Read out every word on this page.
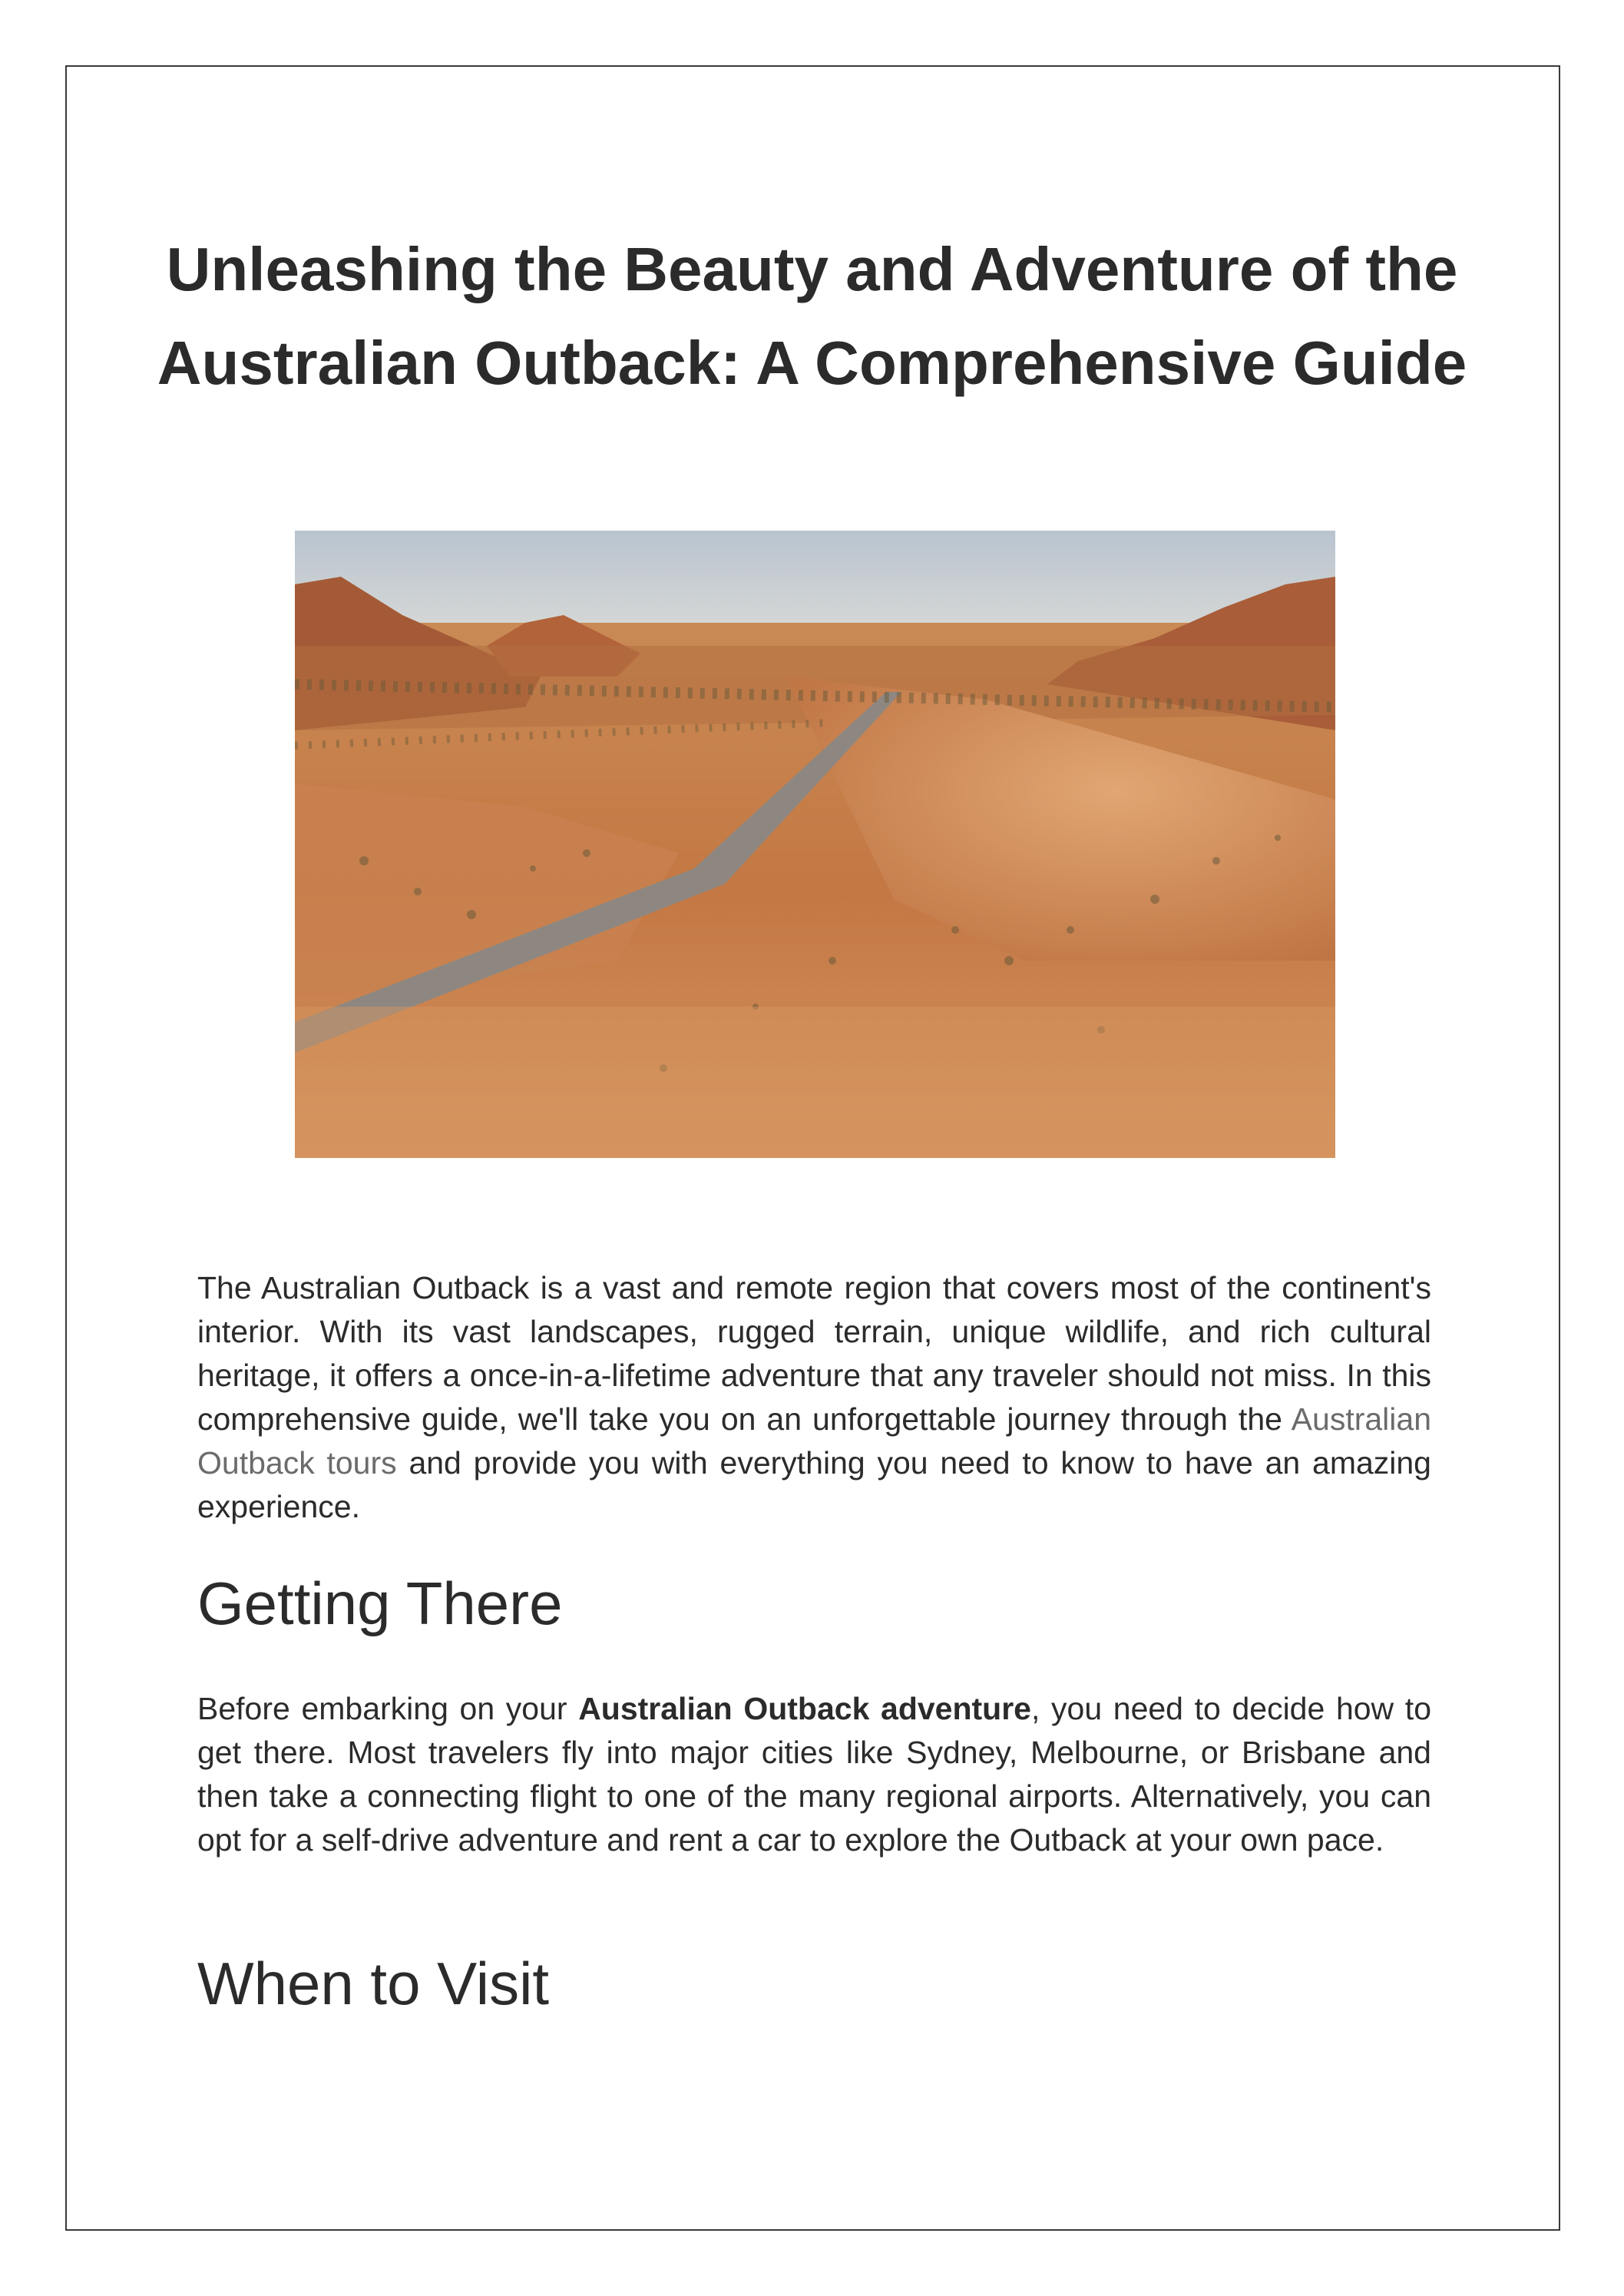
Unleashing the Beauty and Adventure of the Australian Outback: A Comprehensive Guide

The Australian Outback is a vast and remote region that covers most of the continent's interior. With its vast landscapes, rugged terrain, unique wildlife, and rich cultural heritage, it offers a once-in-a-lifetime adventure that any traveler should not miss. In this comprehensive guide, we'll take you on an unforgettable journey through the Australian Outback tours and provide you with everything you need to know to have an amazing experience.

Getting There

Before embarking on your Australian Outback adventure, you need to decide how to get there. Most travelers fly into major cities like Sydney, Melbourne, or Brisbane and then take a connecting flight to one of the many regional airports. Alternatively, you can opt for a self-drive adventure and rent a car to explore the Outback at your own pace.

When to Visit
